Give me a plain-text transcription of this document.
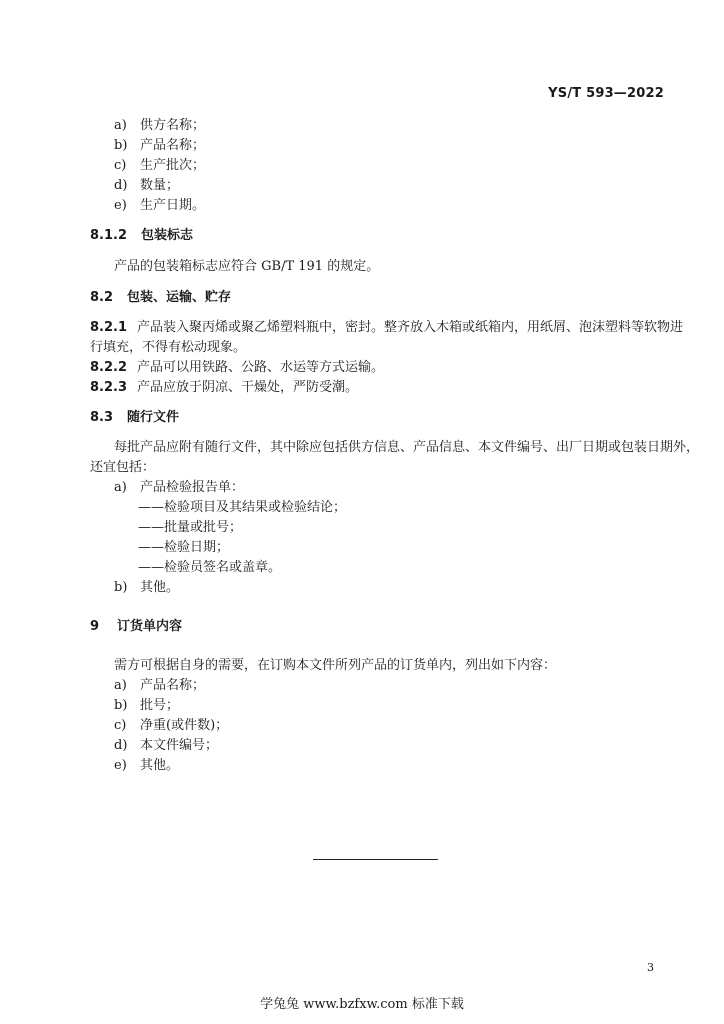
YS/T 593—2022
a) 供方名称；
b) 产品名称；
c) 生产批次；
d) 数量；
e) 生产日期。
8.1.2 包装标志
产品的包装箱标志应符合 GB/T 191 的规定。
8.2 包装、运输、贮存
8.2.1 产品装入聚丙烯或聚乙烯塑料瓶中，密封。整齐放入木箱或纸箱内，用纸屑、泡沫塑料等软物进
行填充，不得有松动现象。
8.2.2 产品可以用铁路、公路、水运等方式运输。
8.2.3 产品应放于阴凉、干燥处，严防受潮。
8.3 随行文件
每批产品应附有随行文件，其中除应包括供方信息、产品信息、本文件编号、出厂日期或包装日期外，
还宜包括：
a) 产品检验报告单：
——检验项目及其结果或检验结论；
——批量或批号；
——检验日期；
——检验员签名或盖章。
b) 其他。
9 订货单内容
需方可根据自身的需要，在订购本文件所列产品的订货单内，列出如下内容：
a) 产品名称；
b) 批号；
c) 净重(或件数)；
d) 本文件编号；
e) 其他。
3
学兔兔 www.bzfxw.com 标准下载
